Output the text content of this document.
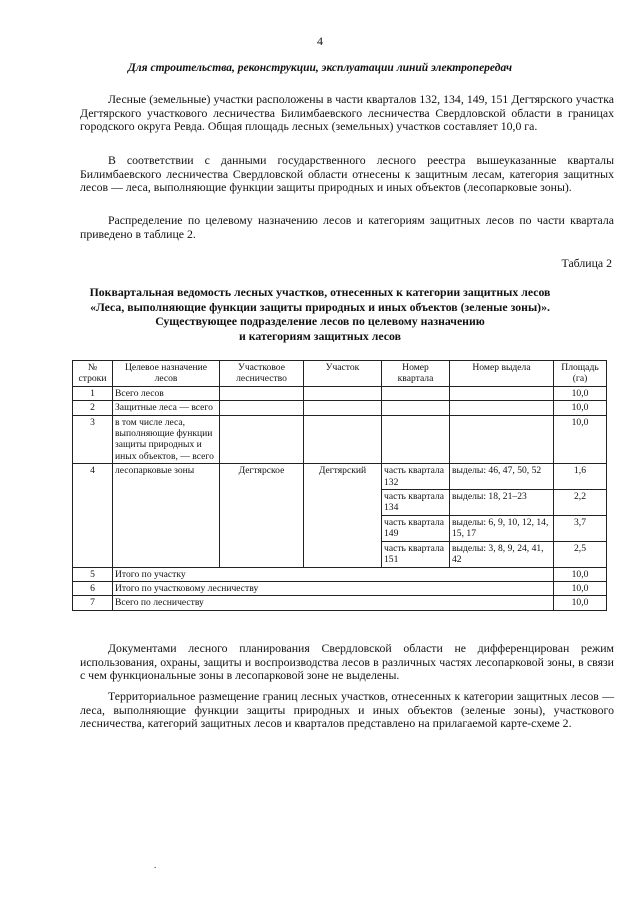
4
Для строительства, реконструкции, эксплуатации линий электропередач

Лесные (земельные) участки расположены в части кварталов 132, 134, 149, 151 Дегтярского участка Дегтярского участкового лесничества Билимбаевского лесничества Свердловской области в границах городского округа Ревда. Общая площадь лесных (земельных) участков составляет 10,0 га.

В соответствии с данными государственного лесного реестра вышеуказанные кварталы Билимбаевского лесничества Свердловской области отнесены к защитным лесам, категория защитных лесов — леса, выполняющие функции защиты природных и иных объектов (лесопарковые зоны).

Распределение по целевому назначению лесов и категориям защитных лесов по части квартала приведено в таблице 2.

Таблица 2
Поквартальная ведомость лесных участков, отнесенных к категории защитных лесов
«Леса, выполняющие функции защиты природных и иных объектов (зеленые зоны)».
Существующее подразделение лесов по целевому назначению
и категориям защитных лесов
№ строки	Целевое назначение лесов	Участковое лесничество	Участок	Номер квартала	Номер выдела	Площадь (га)
1	Всего лесов					10,0
2	Защитные леса — всего					10,0
3	в том числе леса, выполняющие функции защиты природных и иных объектов, — всего					10,0
4	лесопарковые зоны	Дегтярское	Дегтярский	часть квартала 132	выделы: 46, 47, 50, 52	1,6
				часть квартала 134	выделы: 18, 21–23	2,2
				часть квартала 149	выделы: 6, 9, 10, 12, 14, 15, 17	3,7
				часть квартала 151	выделы: 3, 8, 9, 24, 41, 42	2,5
5	Итого по участку					10,0
6	Итого по участковому лесничеству					10,0
7	Всего по лесничеству					10,0

Документами лесного планирования Свердловской области не дифференцирован режим использования, охраны, защиты и воспроизводства лесов в различных частях лесопарковой зоны, в связи с чем функциональные зоны в лесопарковой зоне не выделены.

Территориальное размещение границ лесных участков, отнесенных к категории защитных лесов — леса, выполняющие функции защиты природных и иных объектов (зеленые зоны), участкового лесничества, категорий защитных лесов и кварталов представлено на прилагаемой карте-схеме 2.

.
